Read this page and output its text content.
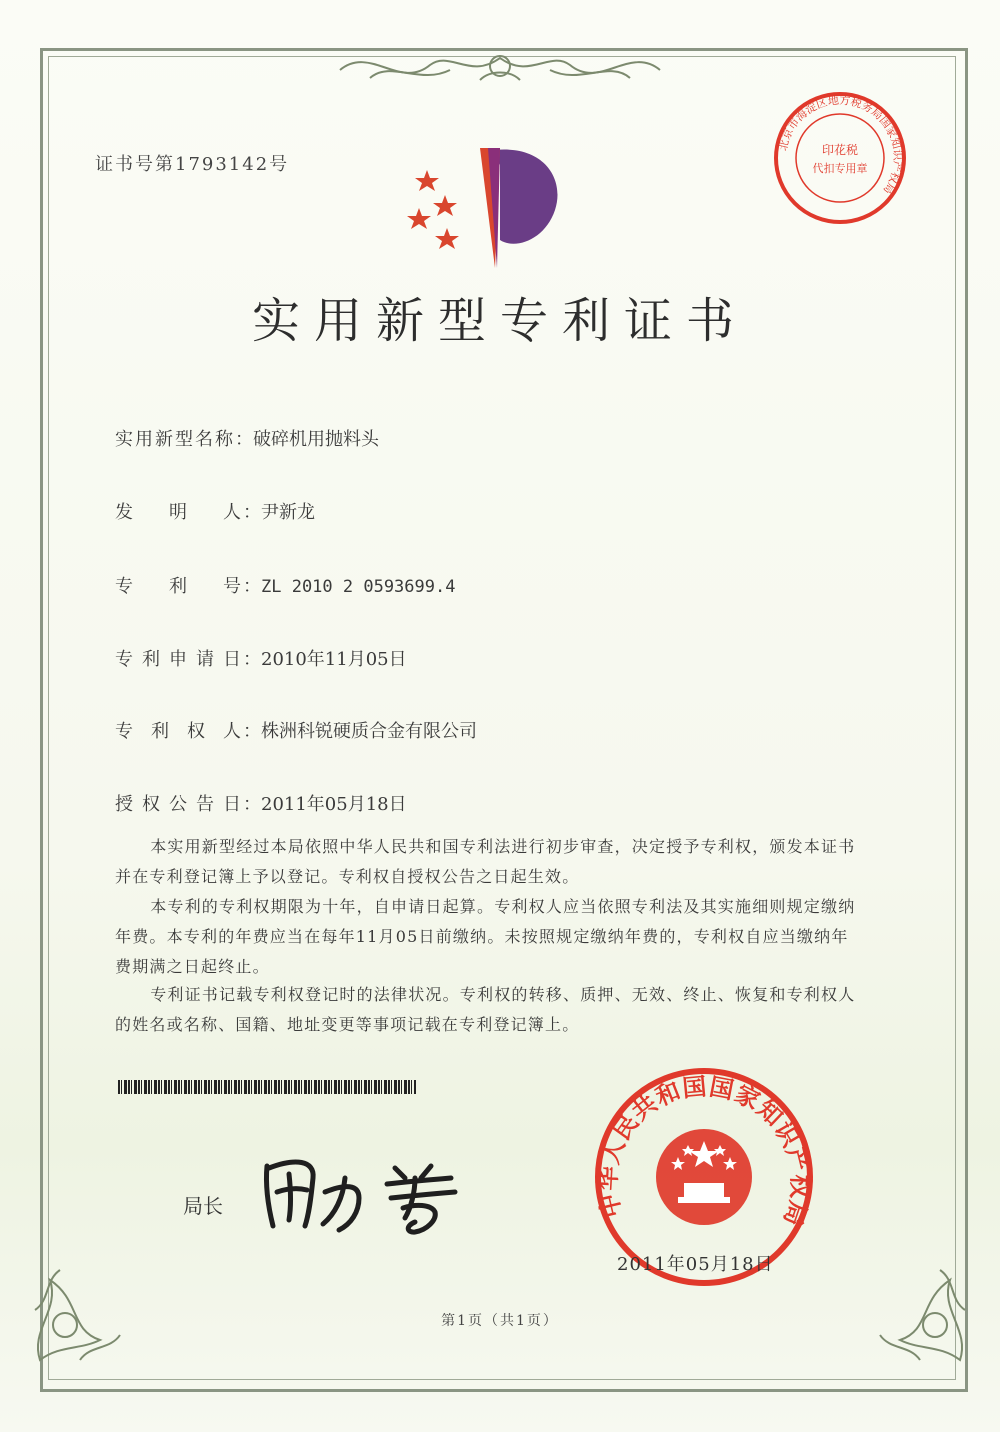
证书号第1793142号
北京市海淀区地方税务局国家知识产权局
印花税
代扣专用章
实用新型专利证书
实用新型名称：破碎机用抛料头
发明人：尹新龙
专利号：ZL 2010 2 0593699.4
专利申请日：2010年11月05日
专利权人：株洲科锐硬质合金有限公司
授权公告日：2011年05月18日

本实用新型经过本局依照中华人民共和国专利法进行初步审查，决定授予专利权，颁发本证书并在专利登记簿上予以登记。专利权自授权公告之日起生效。

本专利的专利权期限为十年，自申请日起算。专利权人应当依照专利法及其实施细则规定缴纳年费。本专利的年费应当在每年11月05日前缴纳。未按照规定缴纳年费的，专利权自应当缴纳年费期满之日起终止。

专利证书记载专利权登记时的法律状况。专利权的转移、质押、无效、终止、恢复和专利权人的姓名或名称、国籍、地址变更等事项记载在专利登记簿上。

局长	中华人民共和国国家知识产权局
2011年05月18日
第1页（共1页）
